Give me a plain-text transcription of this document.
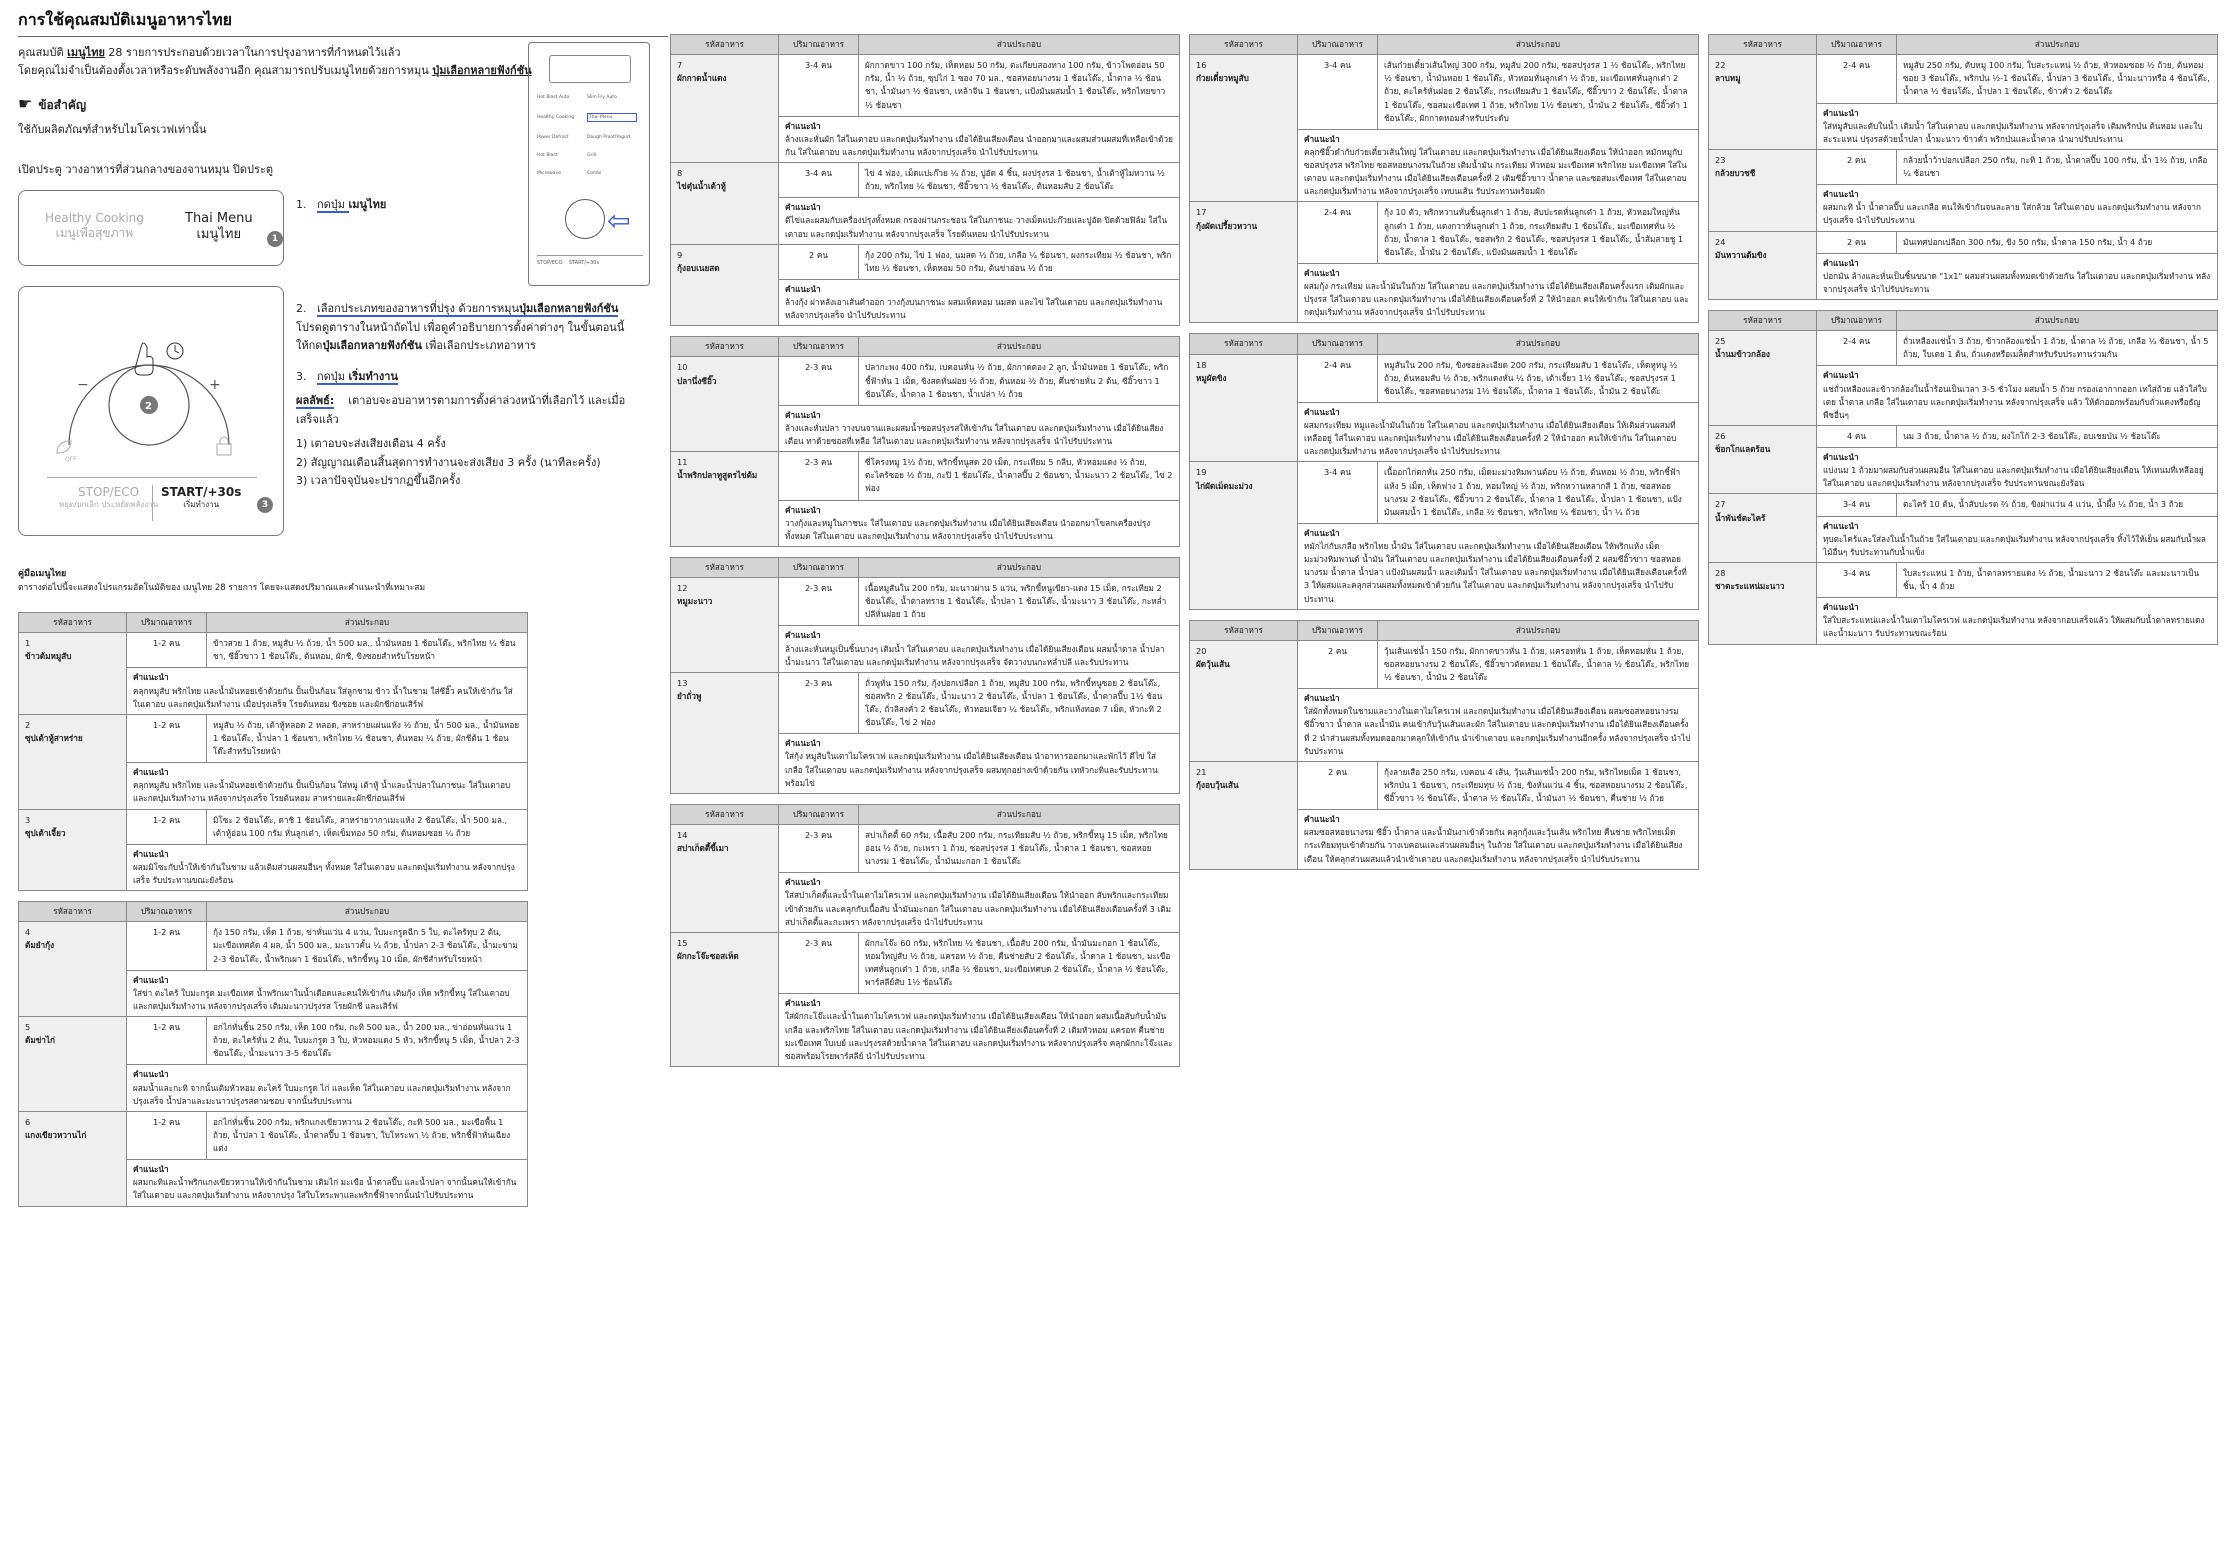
การใช้คุณสมบัติเมนูอาหารไทย
คุณสมบัติ เมนูไทย 28 รายการประกอบด้วยเวลาในการปรุงอาหารที่กำหนดไว้แล้ว
โดยคุณไม่จำเป็นต้องตั้งเวลาหรือระดับพลังงานอีก คุณสามารถปรับเมนูไทยด้วยการหมุน ปุ่มเลือกหลายฟังก์ชัน
☛ ข้อสำคัญ
ใช้กับผลิตภัณฑ์สำหรับไมโครเวฟเท่านั้น
เปิดประตู วางอาหารที่ส่วนกลางของจานหมุน ปิดประตู
Healthy Cooking
เมนูเพื่อสุขภาพ
Thai Menu
เมนูไทย	1
−	+
2
OFF
STOP/ECO
หยุด/ยกเลิก ประหยัดพลังงาน
START/+30s
เริ่มทำงาน	3
1. กดปุ่ม เมนูไทย
2. เลือกประเภทของอาหารที่ปรุง ด้วยการหมุนปุ่มเลือกหลายฟังก์ชัน โปรดดูตารางในหน้าถัดไป เพื่อดูคำอธิบายการตั้งค่าต่างๆ ในขั้นตอนนี้ ให้กดปุ่มเลือกหลายฟังก์ชัน เพื่อเลือกประเภทอาหาร
3. กดปุ่ม เริ่มทำงาน
ผลลัพธ์: เตาอบจะอบอาหารตามการตั้งค่าล่วงหน้าที่เลือกไว้ และเมื่อเสร็จแล้ว
1) เตาอบจะส่งเสียงเตือน 4 ครั้ง
2) สัญญาณเตือนสิ้นสุดการทำงานจะส่งเสียง 3 ครั้ง (นาทีละครั้ง)
3) เวลาปัจจุบันจะปรากฏขึ้นอีกครั้ง
Hot Blast Auto	Slim Fry Auto
Healthy Cooking	Thai Menu
Power Defrost	Dough Proof/Yogurt
Hot Blast	Grill
Microwave	Combi
⇦
STOP/ECO START/+30s
คู่มือเมนูไทย
ตารางต่อไปนี้จะแสดงโปรแกรมอัตโนมัติของ เมนูไทย 28 รายการ โดยจะแสดงปริมาณและคำแนะนำที่เหมาะสม
รหัสอาหาร	ปริมาณอาหาร	ส่วนประกอบ

1
ข้าวต้มหมูสับ	1-2 คน	ข้าวสวย 1 ถ้วย, หมูสับ ½ ถ้วย, น้ำ 500 มล., น้ำมันหอย 1 ช้อนโต๊ะ, พริกไทย ¼ ช้อนชา, ซีอิ๊วขาว 1 ช้อนโต๊ะ, ต้นหอม, ผักชี, ขิงซอยสำหรับโรยหน้า

	คำแนะนำ
คลุกหมูสับ พริกไทย และน้ำมันหอยเข้าด้วยกัน ปั้นเป็นก้อน ใส่ลูกชาม ข้าว น้ำในชาม ใส่ซีอิ๊ว คนให้เข้ากัน ใส่ในเตาอบ และกดปุ่มเริ่มทำงาน เมื่อปรุงเสร็จ โรยต้นหอม ขิงซอย และผักชีก่อนเสิร์ฟ	

2
ซุปเต้าหู้สาหร่าย	1-2 คน	หมูสับ ½ ถ้วย, เต้าหู้หลอด 2 หลอด, สาหร่ายแผ่นแห้ง ½ ถ้วย, น้ำ 500 มล., น้ำมันหอย 1 ช้อนโต๊ะ, น้ำปลา 1 ช้อนชา, พริกไทย ¼ ช้อนชา, ต้นหอม ¼ ถ้วย, ผักชีต้น 1 ช้อนโต๊ะสำหรับโรยหน้า

	คำแนะนำ
คลุกหมูสับ พริกไทย และน้ำมันหอยเข้าด้วยกัน ปั้นเป็นก้อน ใส่หมู เต้าหู้ น้ำและน้ำปลาในภาชนะ ใส่ในเตาอบ และกดปุ่มเริ่มทำงาน หลังจากปรุงเสร็จ โรยต้นหอม สาหร่ายและผักชีก่อนเสิร์ฟ	

3
ซุปเต้าเจี้ยว	1-2 คน	มิโซะ 2 ช้อนโต๊ะ, ดาชิ 1 ช้อนโต๊ะ, สาหร่ายวากาเมะแห้ง 2 ช้อนโต๊ะ, น้ำ 500 มล., เต้าหู้อ่อน 100 กรัม หั่นลูกเต๋า, เห็ดเข็มทอง 50 กรัม, ต้นหอมซอย ¼ ถ้วย

	คำแนะนำ
ผสมมิโซะกับน้ำให้เข้ากันในชาม แล้วเติมส่วนผสมอื่นๆ ทั้งหมด ใส่ในเตาอบ และกดปุ่มเริ่มทำงาน หลังจากปรุงเสร็จ รับประทานขณะยังร้อน	
รหัสอาหาร	ปริมาณอาหาร	ส่วนประกอบ

4
ต้มยำกุ้ง	1-2 คน	กุ้ง 150 กรัม, เห็ด 1 ถ้วย, ข่าหั่นแว่น 4 แว่น, ใบมะกรูดฉีก 5 ใบ, ตะไคร้ทุบ 2 ต้น, มะเขือเทศตัด 4 ผล, น้ำ 500 มล., มะนาวคั้น ¼ ถ้วย, น้ำปลา 2-3 ช้อนโต๊ะ, น้ำมะขาม 2-3 ช้อนโต๊ะ, น้ำพริกเผา 1 ช้อนโต๊ะ, พริกขี้หนู 10 เม็ด, ผักชีสำหรับโรยหน้า

	คำแนะนำ
ใส่ข่า ตะไคร้ ใบมะกรูด มะเขือเทศ น้ำพริกเผาในน้ำเดือดและคนให้เข้ากัน เติมกุ้ง เห็ด พริกขี้หนู ใส่ในเตาอบและกดปุ่มเริ่มทำงาน หลังจากปรุงเสร็จ เติมมะนาวปรุงรส โรยผักชี และเสิร์ฟ	

5
ต้มข่าไก่	1-2 คน	อกไก่หั่นชิ้น 250 กรัม, เห็ด 100 กรัม, กะทิ 500 มล., น้ำ 200 มล., ข่าอ่อนหั่นแว่น 1 ถ้วย, ตะไคร้หั่น 2 ต้น, ใบมะกรูด 3 ใบ, หัวหอมแดง 5 หัว, พริกขี้หนู 5 เม็ด, น้ำปลา 2-3 ช้อนโต๊ะ, น้ำมะนาว 3-5 ช้อนโต๊ะ

	คำแนะนำ
ผสมน้ำและกะทิ จากนั้นเติมหัวหอม ตะไคร้ ใบมะกรูด ไก่ และเห็ด ใส่ในเตาอบ และกดปุ่มเริ่มทำงาน หลังจากปรุงเสร็จ น้ำปลาและมะนาวปรุงรสตามชอบ จากนั้นรับประทาน	

6
แกงเขียวหวานไก่	1-2 คน	อกไก่หั่นชิ้น 200 กรัม, พริกแกงเขียวหวาน 2 ช้อนโต๊ะ, กะทิ 500 มล., มะเขือพื้น 1 ถ้วย, น้ำปลา 1 ช้อนโต๊ะ, น้ำตาลปี๊บ 1 ช้อนชา, ใบโหระพา ½ ถ้วย, พริกชี้ฟ้าหั่นเฉียงแต่ง

	คำแนะนำ
ผสมกะทิและน้ำพริกแกงเขียวหวานให้เข้ากันในชาม เติมไก่ มะเขือ น้ำตาลปี๊บ และน้ำปลา จากนั้นคนให้เข้ากัน ใส่ในเตาอบ และกดปุ่มเริ่มทำงาน หลังจากปรุง ใส่ใบโหระพาและพริกชี้ฟ้าจากนั้นนำไปรับประทาน	
รหัสอาหาร	ปริมาณอาหาร	ส่วนประกอบ

7
ผักกาดน้ำแดง	3-4 คน	ผักกาดขาว 100 กรัม, เห็ดหอม 50 กรัม, ตะเกียบสองทาง 100 กรัม, ข้าวโพดอ่อน 50 กรัม, น้ำ ½ ถ้วย, ซุปไก่ 1 ซอง 70 มล., ซอสหอยนางรม 1 ช้อนโต๊ะ, น้ำตาล ½ ช้อนชา, น้ำมันงา ½ ช้อนชา, เหล้าจีน 1 ช้อนชา, แป้งมันผสมน้ำ 1 ช้อนโต๊ะ, พริกไทยขาว ½ ช้อนชา

	คำแนะนำ
ล้างและหั่นผัก ใส่ในเตาอบ และกดปุ่มเริ่มทำงาน เมื่อได้ยินเสียงเตือน นำออกมาและผสมส่วนผสมที่เหลือเข้าด้วยกัน ใส่ในเตาอบ และกดปุ่มเริ่มทำงาน หลังจากปรุงเสร็จ นำไปรับประทาน	

8
ไข่ตุ๋นน้ำเต้าหู้	3-4 คน	ไข่ 4 ฟอง, เม็ดแปะก๊วย ¼ ถ้วย, ปูอัด 4 ชิ้น, ผงปรุงรส 1 ช้อนชา, น้ำเต้าหู้ไม่หวาน ½ ถ้วย, พริกไทย ¼ ช้อนชา, ซีอิ๊วขาว ½ ช้อนโต๊ะ, ต้นหอมสับ 2 ช้อนโต๊ะ

	คำแนะนำ
ตีไข่และผสมกับเครื่องปรุงทั้งหมด กรองผ่านกระชอน ใส่ในภาชนะ วางเม็ดแปะก๊วยและปูอัด ปิดด้วยฟิล์ม ใส่ในเตาอบ และกดปุ่มเริ่มทำงาน หลังจากปรุงเสร็จ โรยต้นหอม นำไปรับประทาน	

9
กุ้งอบเนยสด	2 คน	กุ้ง 200 กรัม, ไข่ 1 ฟอง, นมสด ½ ถ้วย, เกลือ ¼ ช้อนชา, ผงกระเทียม ½ ช้อนชา, พริกไทย ½ ช้อนชา, เห็ดหอม 50 กรัม, ต้นข่าอ่อน ½ ถ้วย

	คำแนะนำ
ล้างกุ้ง ผ่าหลังเอาเส้นดำออก วางกุ้งบนภาชนะ ผสมเห็ดหอม นมสด และไข่ ใส่ในเตาอบ และกดปุ่มเริ่มทำงาน หลังจากปรุงเสร็จ นำไปรับประทาน	
รหัสอาหาร	ปริมาณอาหาร	ส่วนประกอบ

10
ปลานึ่งซีอิ๊ว	2-3 คน	ปลากะพง 400 กรัม, เบคอนหั่น ½ ถ้วย, ผักกาดดอง 2 ลูก, น้ำมันหอย 1 ช้อนโต๊ะ, พริกชี้ฟ้าหั่น 1 เม็ด, ขิงสดหั่นฝอย ½ ถ้วย, ต้นหอม ½ ถ้วย, คึ่นช่ายหั่น 2 ต้น, ซีอิ๊วขาว 1 ช้อนโต๊ะ, น้ำตาล 1 ช้อนชา, น้ำเปล่า ½ ถ้วย

	คำแนะนำ
ล้างและหั่นปลา วางบนจานและผสมน้ำซอสปรุงรสให้เข้ากัน ใส่ในเตาอบ และกดปุ่มเริ่มทำงาน เมื่อได้ยินเสียงเตือน ทาด้วยซอสที่เหลือ ใส่ในเตาอบ และกดปุ่มเริ่มทำงาน หลังจากปรุงเสร็จ นำไปรับประทาน	

11
น้ำพริกปลาทูสูตรไข่ต้ม	2-3 คน	ซี่โครงหมู 1½ ถ้วย, พริกขี้หนูสด 20 เม็ด, กระเทียม 5 กลีบ, หัวหอมแดง ½ ถ้วย, ตะไคร้ซอย ½ ถ้วย, กะปิ 1 ช้อนโต๊ะ, น้ำตาลปี๊บ 2 ช้อนชา, น้ำมะนาว 2 ช้อนโต๊ะ, ไข่ 2 ฟอง

	คำแนะนำ
วางกุ้งและหมูในภาชนะ ใส่ในเตาอบ และกดปุ่มเริ่มทำงาน เมื่อได้ยินเสียงเตือน นำออกมาโขลกเครื่องปรุงทั้งหมด ใส่ในเตาอบ และกดปุ่มเริ่มทำงาน หลังจากปรุงเสร็จ นำไปรับประทาน	
รหัสอาหาร	ปริมาณอาหาร	ส่วนประกอบ

12
หมูมะนาว	2-3 คน	เนื้อหมูสันใน 200 กรัม, มะนาวผ่าน 5 แว่น, พริกขี้หนูเขียว-แดง 15 เม็ด, กระเทียม 2 ช้อนโต๊ะ, น้ำตาลทราย 1 ช้อนโต๊ะ, น้ำปลา 1 ช้อนโต๊ะ, น้ำมะนาว 3 ช้อนโต๊ะ, กะหล่ำปลีหั่นฝอย 1 ถ้วย

	คำแนะนำ
ล้างและหั่นหมูเป็นชิ้นบางๆ เติมน้ำ ใส่ในเตาอบ และกดปุ่มเริ่มทำงาน เมื่อได้ยินเสียงเตือน ผสมน้ำตาล น้ำปลา น้ำมะนาว ใส่ในเตาอบ และกดปุ่มเริ่มทำงาน หลังจากปรุงเสร็จ จัดวางบนกะหล่ำปลี และรับประทาน	

13
ยำถั่วพู	2-3 คน	ถั่วพูหั่น 150 กรัม, กุ้งปอกเปลือก 1 ถ้วย, หมูสับ 100 กรัม, พริกขี้หนูซอย 2 ช้อนโต๊ะ, ซอสพริก 2 ช้อนโต๊ะ, น้ำมะนาว 2 ช้อนโต๊ะ, น้ำปลา 1 ช้อนโต๊ะ, น้ำตาลปี๊บ 1½ ช้อนโต๊ะ, ถั่วลิสงคั่ว 2 ช้อนโต๊ะ, หัวหอมเจียว ¼ ช้อนโต๊ะ, พริกแห้งทอด 7 เม็ด, หัวกะทิ 2 ช้อนโต๊ะ, ไข่ 2 ฟอง

	คำแนะนำ
ใส่กุ้ง หมูสับในเตาไมโครเวฟ และกดปุ่มเริ่มทำงาน เมื่อได้ยินเสียงเตือน นำอาหารออกมาและพักไว้ ตีไข่ ใส่เกลือ ใส่ในเตาอบ และกดปุ่มเริ่มทำงาน หลังจากปรุงเสร็จ ผสมทุกอย่างเข้าด้วยกัน เทหัวกะทิและรับประทานพร้อมไข่	
รหัสอาหาร	ปริมาณอาหาร	ส่วนประกอบ

14
สปาเก็ตตี้ขี้เมา	2-3 คน	สปาเก็ตตี้ 60 กรัม, เนื้อสับ 200 กรัม, กระเทียมสับ ½ ถ้วย, พริกขี้หนู 15 เม็ด, พริกไทยอ่อน ½ ถ้วย, กะเพรา 1 ถ้วย, ซอสปรุงรส 1 ช้อนโต๊ะ, น้ำตาล 1 ช้อนชา, ซอสหอยนางรม 1 ช้อนโต๊ะ, น้ำมันมะกอก 1 ช้อนโต๊ะ

	คำแนะนำ
ใส่สปาเก็ตตี้และน้ำในเตาไมโครเวฟ และกดปุ่มเริ่มทำงาน เมื่อได้ยินเสียงเตือน ให้นำออก สับพริกและกระเทียมเข้าด้วยกัน และคลุกกับเนื้อสับ น้ำมันมะกอก ใส่ในเตาอบ และกดปุ่มเริ่มทำงาน เมื่อได้ยินเสียงเตือนครั้งที่ 3 เติมสปาเก็ตตี้และกะเพรา หลังจากปรุงเสร็จ นำไปรับประทาน	

15
ผักกะโจ๊ะซอสเห็ด	2-3 คน	ผักกะโจ๊ะ 60 กรัม, พริกไทย ½ ช้อนชา, เนื้อสับ 200 กรัม, น้ำมันมะกอก 1 ช้อนโต๊ะ, หอมใหญ่สับ ½ ถ้วย, แครอท ½ ถ้วย, คื่นช่ายสับ 2 ช้อนโต๊ะ, น้ำตาล 1 ช้อนชา, มะเขือเทศหั่นลูกเต๋า 1 ถ้วย, เกลือ ½ ช้อนชา, มะเขือเทศบด 2 ช้อนโต๊ะ, น้ำตาล ½ ช้อนโต๊ะ, พาร์สลีย์สับ 1½ ช้อนโต๊ะ

	คำแนะนำ
ใส่ผักกะโจ๊ะและน้ำในเตาไมโครเวฟ และกดปุ่มเริ่มทำงาน เมื่อได้ยินเสียงเตือน ให้นำออก ผสมเนื้อสับกับน้ำมันเกลือ และพริกไทย ใส่ในเตาอบ และกดปุ่มเริ่มทำงาน เมื่อได้ยินเสียงเตือนครั้งที่ 2 เติมหัวหอม แครอท คื่นช่าย มะเขือเทศ ใบเบย์ และปรุงรสด้วยน้ำตาล ใส่ในเตาอบ และกดปุ่มเริ่มทำงาน หลังจากปรุงเสร็จ คลุกผักกะโจ๊ะและซอสพร้อมโรยพาร์สลีย์ นำไปรับประทาน	
รหัสอาหาร	ปริมาณอาหาร	ส่วนประกอบ

16
ก๋วยเตี๋ยวหมูสับ	3-4 คน	เส้นก๋วยเตี๋ยวเส้นใหญ่ 300 กรัม, หมูสับ 200 กรัม, ซอสปรุงรส 1 ½ ช้อนโต๊ะ, พริกไทย ½ ช้อนชา, น้ำมันหอย 1 ช้อนโต๊ะ, หัวหอมหั่นลูกเต๋า ½ ถ้วย, มะเขือเทศหั่นลูกเต๋า 2 ถ้วย, ตะไคร้หั่นฝอย 2 ช้อนโต๊ะ, กระเทียมสับ 1 ช้อนโต๊ะ, ซีอิ๊วขาว 2 ช้อนโต๊ะ, น้ำตาล 1 ช้อนโต๊ะ, ซอสมะเขือเทศ 1 ถ้วย, พริกไทย 1½ ช้อนชา, น้ำมัน 2 ช้อนโต๊ะ, ซีอิ๊วดำ 1 ช้อนโต๊ะ, ผักกาดหอมสำหรับประดับ

	คำแนะนำ
คลุกซีอิ๊วดำกับก๋วยเตี๋ยวเส้นใหญ่ ใส่ในเตาอบ และกดปุ่มเริ่มทำงาน เมื่อได้ยินเสียงเตือน ให้นำออก หมักหมูกับซอสปรุงรส พริกไทย ซอสหอยนางรมในถ้วย เติมน้ำมัน กระเทียม หัวหอม มะเขือเทศ พริกไทย มะเขือเทศ ใส่ในเตาอบ และกดปุ่มเริ่มทำงาน เมื่อได้ยินเสียงเตือนครั้งที่ 2 เติมซีอิ๊วขาว น้ำตาล และซอสมะเขือเทศ ใส่ในเตาอบ และกดปุ่มเริ่มทำงาน หลังจากปรุงเสร็จ เทบนเส้น รับประทานพร้อมผัก	

17
กุ้งผัดเปรี้ยวหวาน	2-4 คน	กุ้ง 10 ตัว, พริกหวานหั่นชิ้นลูกเต๋า 1 ถ้วย, สับปะรดหั่นลูกเต๋า 1 ถ้วย, หัวหอมใหญ่หั่นลูกเต๋า 1 ถ้วย, แตงกวาหั่นลูกเต๋า 1 ถ้วย, กระเทียมสับ 1 ช้อนโต๊ะ, มะเขือเทศหั่น ½ ถ้วย, น้ำตาล 1 ช้อนโต๊ะ, ซอสพริก 2 ช้อนโต๊ะ, ซอสปรุงรส 1 ช้อนโต๊ะ, น้ำส้มสายชู 1 ช้อนโต๊ะ, น้ำมัน 2 ช้อนโต๊ะ, แป้งมันผสมน้ำ 1 ช้อนโต๊ะ

	คำแนะนำ
ผสมกุ้ง กระเทียม และน้ำมันในถ้วย ใส่ในเตาอบ และกดปุ่มเริ่มทำงาน เมื่อได้ยินเสียงเตือนครั้งแรก เติมผักและปรุงรส ใส่ในเตาอบ และกดปุ่มเริ่มทำงาน เมื่อได้ยินเสียงเตือนครั้งที่ 2 ให้นำออก คนให้เข้ากัน ใส่ในเตาอบ และกดปุ่มเริ่มทำงาน หลังจากปรุงเสร็จ นำไปรับประทาน	
รหัสอาหาร	ปริมาณอาหาร	ส่วนประกอบ

18
หมูผัดขิง	2-4 คน	หมูสันใน 200 กรัม, ขิงซอยละเอียด 200 กรัม, กระเทียมสับ 1 ช้อนโต๊ะ, เห็ดหูหนู ½ ถ้วย, ต้นหอมสับ ½ ถ้วย, พริกแดงหั่น ¼ ถ้วย, เต้าเจี้ยว 1½ ช้อนโต๊ะ, ซอสปรุงรส 1 ช้อนโต๊ะ, ซอสหอยนางรม 1½ ช้อนโต๊ะ, น้ำตาล 1 ช้อนโต๊ะ, น้ำมัน 2 ช้อนโต๊ะ

	คำแนะนำ
ผสมกระเทียม หมูและน้ำมันในถ้วย ใส่ในเตาอบ และกดปุ่มเริ่มทำงาน เมื่อได้ยินเสียงเตือน ให้เติมส่วนผสมที่เหลืออยู่ ใส่ในเตาอบ และกดปุ่มเริ่มทำงาน เมื่อได้ยินเสียงเตือนครั้งที่ 2 ให้นำออก คนให้เข้ากัน ใส่ในเตาอบ และกดปุ่มเริ่มทำงาน หลังจากปรุงเสร็จ นำไปรับประทาน	

19
ไก่ผัดเม็ดมะม่วง	3-4 คน	เนื้ออกไก่ตกหั่น 250 กรัม, เม็ดมะม่วงหิมพานต์อบ ½ ถ้วย, ต้นหอม ½ ถ้วย, พริกชี้ฟ้าแห้ง 5 เม็ด, เห็ดฟาง 1 ถ้วย, หอมใหญ่ ½ ถ้วย, พริกหวานหลากสี 1 ถ้วย, ซอสหอยนางรม 2 ช้อนโต๊ะ, ซีอิ๊วขาว 2 ช้อนโต๊ะ, น้ำตาล 1 ช้อนโต๊ะ, น้ำปลา 1 ช้อนชา, แป้งมันผสมน้ำ 1 ช้อนโต๊ะ, เกลือ ½ ช้อนชา, พริกไทย ¼ ช้อนชา, น้ำ ¼ ถ้วย

	คำแนะนำ
หมักไก่กับเกลือ พริกไทย น้ำมัน ใส่ในเตาอบ และกดปุ่มเริ่มทำงาน เมื่อได้ยินเสียงเตือน ให้พริกแห้ง เม็ดมะม่วงหิมพานต์ น้ำมัน ใส่ในเตาอบ และกดปุ่มเริ่มทำงาน เมื่อได้ยินเสียงเตือนครั้งที่ 2 ผสมซีอิ๊วขาว ซอสหอยนางรม น้ำตาล น้ำปลา แป้งมันผสมน้ำ และเติมน้ำ ใส่ในเตาอบ และกดปุ่มเริ่มทำงาน เมื่อได้ยินเสียงเตือนครั้งที่ 3 ให้ผสมและคลุกส่วนผสมทั้งหมดเข้าด้วยกัน ใส่ในเตาอบ และกดปุ่มเริ่มทำงาน หลังจากปรุงเสร็จ นำไปรับประทาน	
รหัสอาหาร	ปริมาณอาหาร	ส่วนประกอบ

20
ผัดวุ้นเส้น	2 คน	วุ้นเส้นแช่น้ำ 150 กรัม, ผักกาดขาวหั่น 1 ถ้วย, แครอทหั่น 1 ถ้วย, เห็ดหอมหั่น 1 ถ้วย, ซอสหอยนางรม 2 ช้อนโต๊ะ, ซีอิ๊วขาวตัดหอม 1 ช้อนโต๊ะ, น้ำตาล ½ ช้อนโต๊ะ, พริกไทย ½ ช้อนชา, น้ำมัน 2 ช้อนโต๊ะ

	คำแนะนำ
ใส่ผักทั้งหมดในชามและวางในเตาไมโครเวฟ และกดปุ่มเริ่มทำงาน เมื่อได้ยินเสียงเตือน ผสมซอสหอยนางรม ซีอิ๊วขาว น้ำตาล และน้ำมัน คนเข้ากับวุ้นเส้นและผัก ใส่ในเตาอบ และกดปุ่มเริ่มทำงาน เมื่อได้ยินเสียงเตือนครั้งที่ 2 นำส่วนผสมทั้งหมดออกมาคลุกให้เข้ากัน นำเข้าเตาอบ และกดปุ่มเริ่มทำงานอีกครั้ง หลังจากปรุงเสร็จ นำไปรับประทาน	

21
กุ้งอบวุ้นเส้น	2 คน	กุ้งลายเสือ 250 กรัม, เบคอน 4 เส้น, วุ้นเส้นแช่น้ำ 200 กรัม, พริกไทยเม็ด 1 ช้อนชา, พริกป่น 1 ช้อนชา, กระเทียมทุบ ½ ถ้วย, ขิงหั่นแว่น 4 ชิ้น, ซอสหอยนางรม 2 ช้อนโต๊ะ, ซีอิ๊วขาว ½ ช้อนโต๊ะ, น้ำตาล ½ ช้อนโต๊ะ, น้ำมันงา ½ ช้อนชา, คื่นช่าย ½ ถ้วย

	คำแนะนำ
ผสมซอสหอยนางรม ซีอิ๊ว น้ำตาล และน้ำมันงาเข้าด้วยกัน คลุกกุ้งและวุ้นเส้น พริกไทย คื่นช่าย พริกไทยเม็ด กระเทียมทุบเข้าด้วยกัน วางเบคอนและส่วนผสมอื่นๆ ในถ้วย ใส่ในเตาอบ และกดปุ่มเริ่มทำงาน เมื่อได้ยินเสียงเตือน ให้คลุกส่วนผสมแล้วนำเข้าเตาอบ และกดปุ่มเริ่มทำงาน หลังจากปรุงเสร็จ นำไปรับประทาน	
รหัสอาหาร	ปริมาณอาหาร	ส่วนประกอบ

22
ลาบหมู	2-4 คน	หมูสับ 250 กรัม, ตับหมู 100 กรัม, ใบสะระแหน่ ½ ถ้วย, หัวหอมซอย ½ ถ้วย, ต้นหอมซอย 3 ช้อนโต๊ะ, พริกป่น ½-1 ช้อนโต๊ะ, น้ำปลา 3 ช้อนโต๊ะ, น้ำมะนาวหรือ 4 ช้อนโต๊ะ, น้ำตาล ½ ช้อนโต๊ะ, น้ำปลา 1 ช้อนโต๊ะ, ข้าวคั่ว 2 ช้อนโต๊ะ

	คำแนะนำ
ใส่หมูสับและตับในน้ำ เติมน้ำ ใส่ในเตาอบ และกดปุ่มเริ่มทำงาน หลังจากปรุงเสร็จ เติมพริกป่น ต้นหอม และใบสะระแหน่ ปรุงรสด้วยน้ำปลา น้ำมะนาว ข้าวคั่ว พริกป่นและน้ำตาล นำมาปรับประทาน	

23
กล้วยบวชชี	2 คน	กล้วยน้ำว้าปอกเปลือก 250 กรัม, กะทิ 1 ถ้วย, น้ำตาลปี๊บ 100 กรัม, น้ำ 1½ ถ้วย, เกลือ ¼ ช้อนชา

	คำแนะนำ
ผสมกะทิ น้ำ น้ำตาลปี๊บ และเกลือ คนให้เข้ากันจนละลาย ใส่กล้วย ใส่ในเตาอบ และกดปุ่มเริ่มทำงาน หลังจากปรุงเสร็จ นำไปรับประทาน	

24
มันหวานต้มขิง	2 คน	มันเทศปอกเปลือก 300 กรัม, ขิง 50 กรัม, น้ำตาล 150 กรัม, น้ำ 4 ถ้วย

	คำแนะนำ
ปอกมัน ล้างและหั่นเป็นชิ้นขนาด "1x1" ผสมส่วนผสมทั้งหมดเข้าด้วยกัน ใส่ในเตาอบ และกดปุ่มเริ่มทำงาน หลังจากปรุงเสร็จ นำไปรับประทาน	
รหัสอาหาร	ปริมาณอาหาร	ส่วนประกอบ

25
น้ำนมข้าวกล้อง	2-4 คน	ถั่วเหลืองแช่น้ำ 3 ถ้วย, ข้าวกล้องแช่น้ำ 1 ถ้วย, น้ำตาล ½ ถ้วย, เกลือ ¼ ช้อนชา, น้ำ 5 ถ้วย, ใบเตย 1 ต้น, ถั่วแดงหรือเมล็ดสำหรับรับประทานร่วมกัน

	คำแนะนำ
แช่ถั่วเหลืองและข้าวกล้องในน้ำร้อนเป็นเวลา 3-5 ชั่วโมง ผสมน้ำ 5 ถ้วย กรองเอากากออก เทใส่ถ้วย แล้วใส่ใบเตย น้ำตาล เกลือ ใส่ในเตาอบ และกดปุ่มเริ่มทำงาน หลังจากปรุงเสร็จ แล้ว ให้ตักออกพร้อมกับถั่วแดงหรือธัญพืชอื่นๆ	

26
ช็อกโกแลตร้อน	4 คน	นม 3 ถ้วย, น้ำตาล ½ ถ้วย, ผงโกโก้ 2-3 ช้อนโต๊ะ, อบเชยป่น ½ ช้อนโต๊ะ

	คำแนะนำ
แบ่งนม 1 ถ้วยมาผสมกับส่วนผสมอื่น ใส่ในเตาอบ และกดปุ่มเริ่มทำงาน เมื่อได้ยินเสียงเตือน ให้เทนมที่เหลืออยู่ ใส่ในเตาอบ และกดปุ่มเริ่มทำงาน หลังจากปรุงเสร็จ รับประทานขณะยังร้อน	

27
น้ำพันช์ตะไคร้	3-4 คน	ตะไคร้ 10 ต้น, น้ำสับปะรด ⅔ ถ้วย, ขิงผ่าแว่น 4 แว่น, น้ำผึ้ง ¼ ถ้วย, น้ำ 3 ถ้วย

	คำแนะนำ
ทุบตะไคร้และใส่ลงในน้ำในถ้วย ใส่ในเตาอบ และกดปุ่มเริ่มทำงาน หลังจากปรุงเสร็จ ทิ้งไว้ให้เย็น ผสมกับน้ำผลไม้อื่นๆ รับประทานกับน้ำแข็ง	

28
ชาตะระแหน่มะนาว	3-4 คน	ใบสะระแหน่ 1 ถ้วย, น้ำตาลทรายแดง ½ ถ้วย, น้ำมะนาว 2 ช้อนโต๊ะ และมะนาวเป็นชิ้น, น้ำ 4 ถ้วย

	คำแนะนำ
ใส่ใบสะระแหน่และน้ำในเตาไมโครเวฟ และกดปุ่มเริ่มทำงาน หลังจากอบเสร็จแล้ว ให้ผสมกับน้ำตาลทรายแดงและน้ำมะนาว รับประทานขณะร้อน	
